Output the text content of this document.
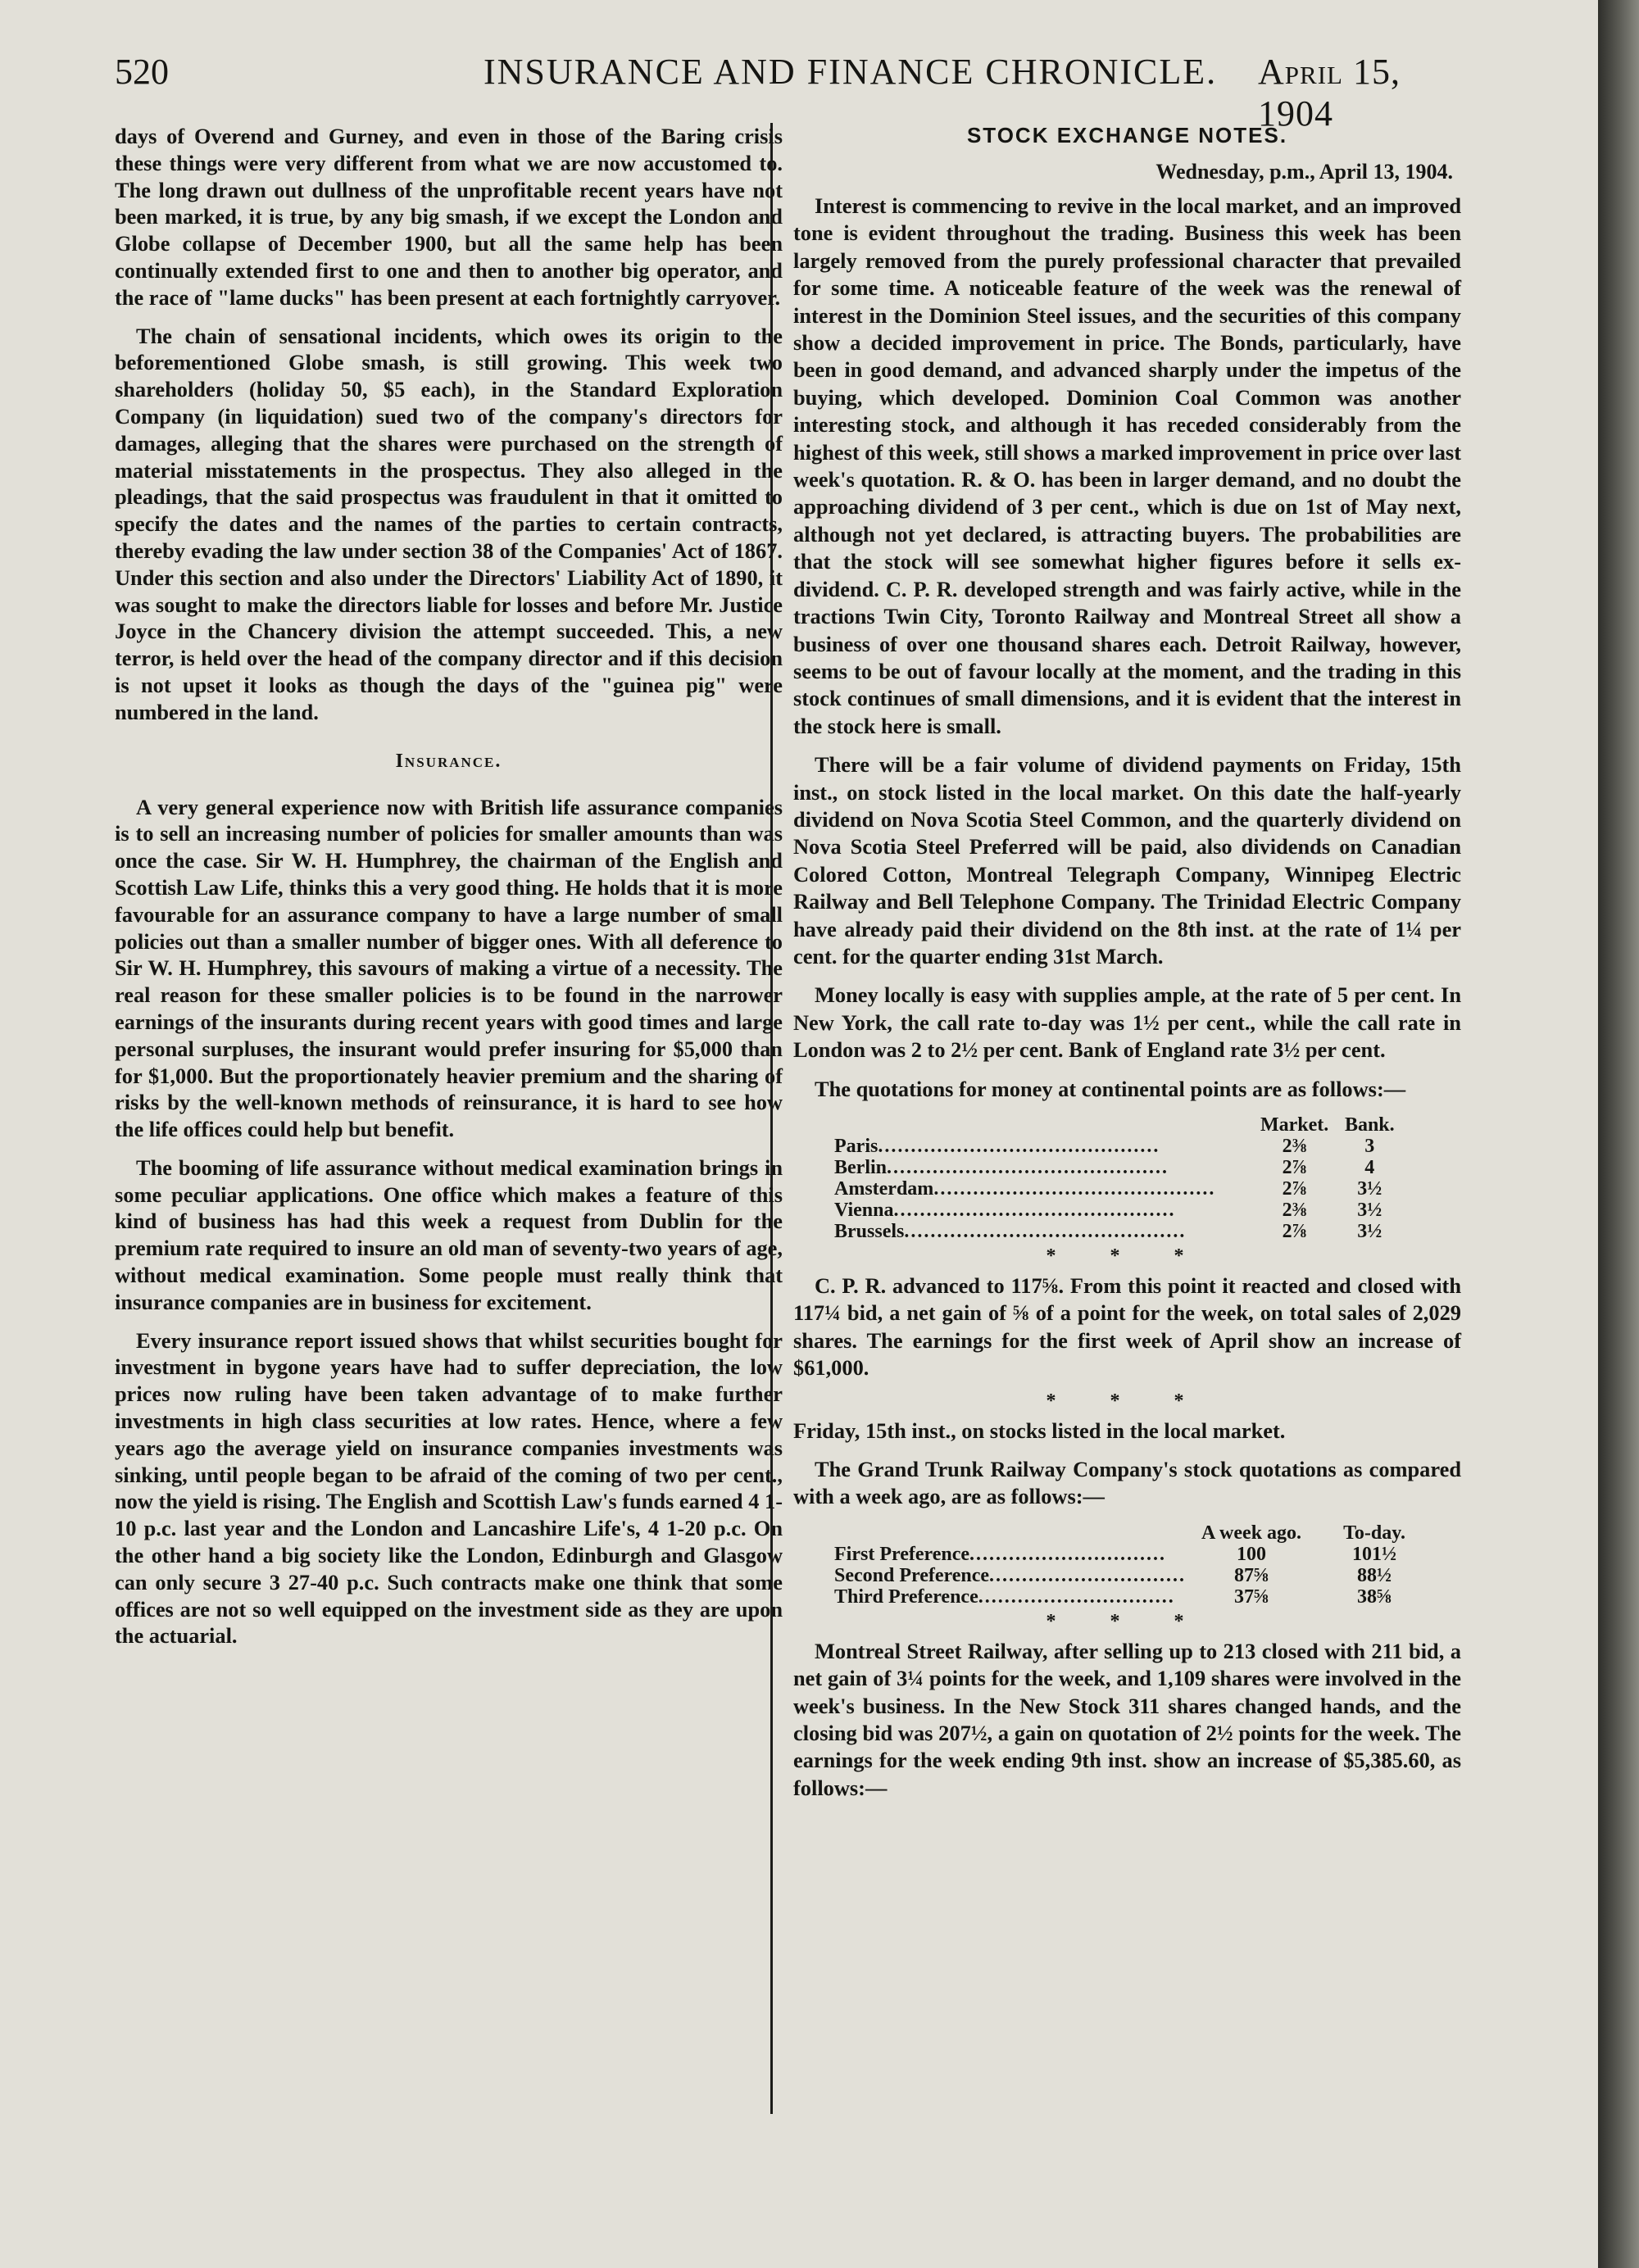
520	INSURANCE AND FINANCE CHRONICLE. April 15, 1904

days of Overend and Gurney, and even in those of the Baring crisis these things were very different from what we are now accustomed to. The long drawn out dullness of the unprofitable recent years have not been marked, it is true, by any big smash, if we except the London and Globe collapse of December 1900, but all the same help has been continually extended first to one and then to another big operator, and the race of "lame ducks" has been present at each fortnightly carryover.

The chain of sensational incidents, which owes its origin to the beforementioned Globe smash, is still growing. This week two shareholders (holiday 50, $5 each), in the Standard Exploration Company (in liquidation) sued two of the company's directors for damages, alleging that the shares were purchased on the strength of material misstatements in the prospectus. They also alleged in the pleadings, that the said prospectus was fraudulent in that it omitted to specify the dates and the names of the parties to certain contracts, thereby evading the law under section 38 of the Companies' Act of 1867. Under this section and also under the Directors' Liability Act of 1890, it was sought to make the directors liable for losses and before Mr. Justice Joyce in the Chancery division the attempt succeeded. This, a new terror, is held over the head of the company director and if this decision is not upset it looks as though the days of the "guinea pig" were numbered in the land.

Insurance.

A very general experience now with British life assurance companies is to sell an increasing number of policies for smaller amounts than was once the case. Sir W. H. Humphrey, the chairman of the English and Scottish Law Life, thinks this a very good thing. He holds that it is more favourable for an assurance company to have a large number of small policies out than a smaller number of bigger ones. With all deference to Sir W. H. Humphrey, this savours of making a virtue of a necessity. The real reason for these smaller policies is to be found in the narrower earnings of the insurants during recent years with good times and large personal surpluses, the insurant would prefer insuring for $5,000 than for $1,000. But the proportionately heavier premium and the sharing of risks by the well-known methods of reinsurance, it is hard to see how the life offices could help but benefit.

The booming of life assurance without medical examination brings in some peculiar applications. One office which makes a feature of this kind of business has had this week a request from Dublin for the premium rate required to insure an old man of seventy-two years of age, without medical examination. Some people must really think that insurance companies are in business for excitement.

Every insurance report issued shows that whilst securities bought for investment in bygone years have had to suffer depreciation, the low prices now ruling have been taken advantage of to make further investments in high class securities at low rates. Hence, where a few years ago the average yield on insurance companies investments was sinking, until people began to be afraid of the coming of two per cent., now the yield is rising. The English and Scottish Law's funds earned 4 1-10 p.c. last year and the London and Lancashire Life's, 4 1-20 p.c. On the other hand a big society like the London, Edinburgh and Glasgow can only secure 3 27-40 p.c. Such contracts make one think that some offices are not so well equipped on the investment side as they are upon the actuarial.

STOCK EXCHANGE NOTES.
Wednesday, p.m., April 13, 1904.

Interest is commencing to revive in the local market, and an improved tone is evident throughout the trading. Business this week has been largely removed from the purely professional character that prevailed for some time. A noticeable feature of the week was the renewal of interest in the Dominion Steel issues, and the securities of this company show a decided improvement in price. The Bonds, particularly, have been in good demand, and advanced sharply under the impetus of the buying, which developed. Dominion Coal Common was another interesting stock, and although it has receded considerably from the highest of this week, still shows a marked improvement in price over last week's quotation. R. & O. has been in larger demand, and no doubt the approaching dividend of 3 per cent., which is due on 1st of May next, although not yet declared, is attracting buyers. The probabilities are that the stock will see somewhat higher figures before it sells ex-dividend. C. P. R. developed strength and was fairly active, while in the tractions Twin City, Toronto Railway and Montreal Street all show a business of over one thousand shares each. Detroit Railway, however, seems to be out of favour locally at the moment, and the trading in this stock continues of small dimensions, and it is evident that the interest in the stock here is small.

There will be a fair volume of dividend payments on Friday, 15th inst., on stock listed in the local market. On this date the half-yearly dividend on Nova Scotia Steel Common, and the quarterly dividend on Nova Scotia Steel Preferred will be paid, also dividends on Canadian Colored Cotton, Montreal Telegraph Company, Winnipeg Electric Railway and Bell Telephone Company. The Trinidad Electric Company have already paid their dividend on the 8th inst. at the rate of 1¼ per cent. for the quarter ending 31st March.

Money locally is easy with supplies ample, at the rate of 5 per cent. In New York, the call rate to-day was 1½ per cent., while the call rate in London was 2 to 2½ per cent. Bank of England rate 3½ per cent.

The quotations for money at continental points are as follows:—

	Market.	Bank.
Paris...........................................	2⅜	3
Berlin...........................................	2⅞	4
Amsterdam...........................................	2⅞	3½
Vienna...........................................	2⅜	3½
Brussels...........................................	2⅞	3½
* * *

C. P. R. advanced to 117⅝. From this point it reacted and closed with 117¼ bid, a net gain of ⅝ of a point for the week, on total sales of 2,029 shares. The earnings for the first week of April show an increase of $61,000.

* * *

Friday, 15th inst., on stocks listed in the local market.

The Grand Trunk Railway Company's stock quotations as compared with a week ago, are as follows:—

	A week ago.	To-day.
First Preference..............................	100	101½
Second Preference..............................	87⅝	88½
Third Preference..............................	37⅝	38⅝
* * *

Montreal Street Railway, after selling up to 213 closed with 211 bid, a net gain of 3¼ points for the week, and 1,109 shares were involved in the week's business. In the New Stock 311 shares changed hands, and the closing bid was 207½, a gain on quotation of 2½ points for the week. The earnings for the week ending 9th inst. show an increase of $5,385.60, as follows:—
